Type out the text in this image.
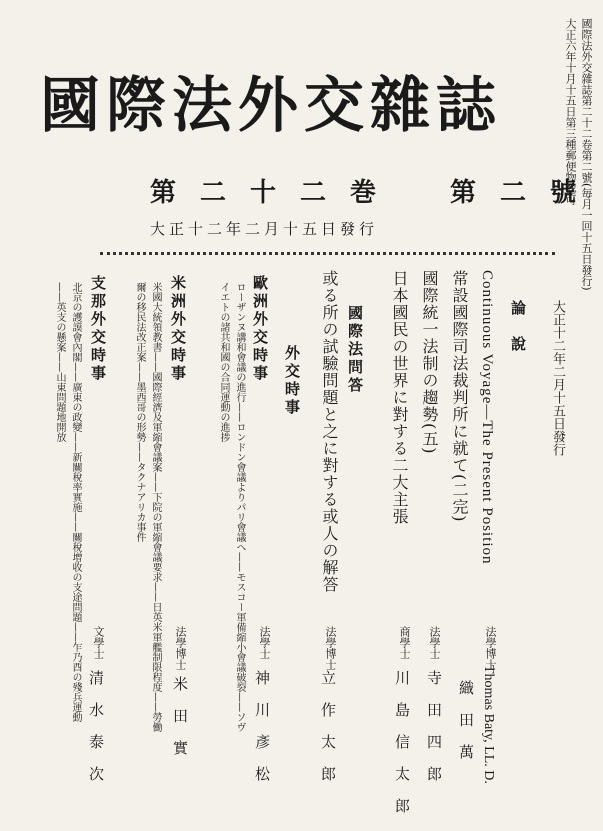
國際法外交雜誌
第二十二巻　第二號
大正十二年二月十五日發行	國際法外交雜誌第二十二卷第二號(毎月一回十五日發行)
大正六年十月十五日第三種郵便物認可
大正十二年二月十五日發行
論　說
Continuous Voyage—The Present Position
法學博士
Thomas Baty, LL. D.
織　田　萬
常設國際司法裁判所に就て(二完)
法學士
寺　田　四　郎
國際統一法制の趨勢(五)
商學士
川　島　信　太　郎
日本國民の世界に對する二大主張
國際法問答
或る所の試驗問題と之に對する或人の解答
法學博士
立　作　太　郎
外交時事
歐洲外交時事
ローザンヌ講和會議の進行——ロンドン會議よりパリ會議へ——モスコー軍備縮小會議破裂——ソヴ
イエトの諸共和國の合同運動の進捗
法學士
神　川　彥　松
米洲外交時事
米國大統領教書——國際經濟及軍縮會議案——下院の軍縮會議要求——日英米軍艦制限程度——勞働
爾の移民法改正案——墨西哥の形勢——タクナアリカ事件
法學博士
米　田　實
支那外交時事
北京の護謨會內閣——廣東の政變——新關稅率實施——關稅增收の支途問題——乍乃酉の殘兵運動
——英支の懸案——山東問題地開放
文學士
清　水　泰　次
